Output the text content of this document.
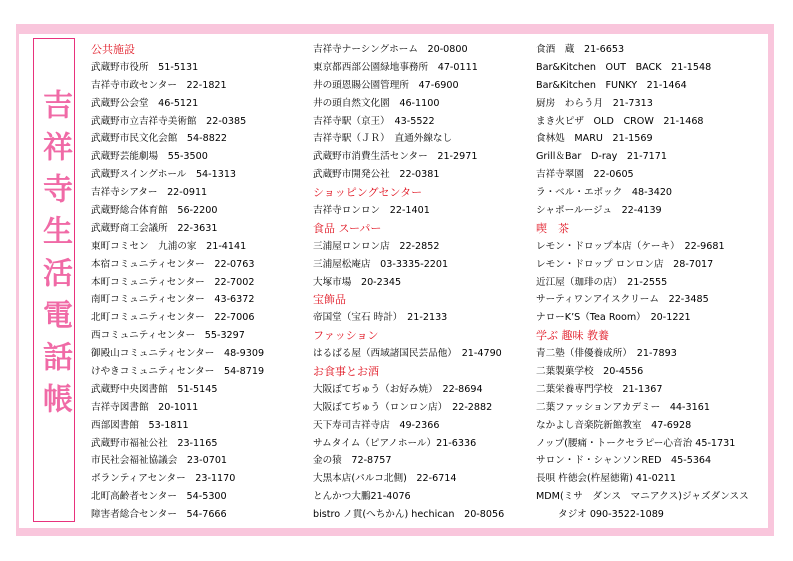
吉祥寺生活電話帳
公共施設
武蔵野市役所　51-5131
吉祥寺市政センター　22-1821
武蔵野公会堂　46-5121
武蔵野市立吉祥寺美術館　22-0385
武蔵野市民文化会館　54-8822
武蔵野芸能劇場　55-3500
武蔵野スイングホール　54-1313
吉祥寺シアター　22-0911
武蔵野総合体育館　56-2200
武蔵野商工会議所　22-3631
東町コミセン　九浦の家　21-4141
本宿コミュニティセンター　22-0763
本町コミュニティセンター　22-7002
南町コミュニティセンター　43-6372
北町コミュニティセンター　22-7006
西コミュニティセンター　55-3297
御殿山コミュニティセンター　48-9309
けやきコミュニティセンター　54-8719
武蔵野中央図書館　51-5145
吉祥寺図書館　20-1011
西部図書館　53-1811
武蔵野市福祉公社　23-1165
市民社会福祉協議会　23-0701
ボランティアセンター　23-1170
北町高齢者センター　54-5300
障害者総合センター　54-7666
吉祥寺ナーシングホーム　20-0800
東京都西部公園緑地事務所　47-0111
井の頭恩賜公園管理所　47-6900
井の頭自然文化園　46-1100
吉祥寺駅（京王）　43-5522
吉祥寺駅（ＪＲ）　直通外線なし
武蔵野市消費生活センター　21-2971
武蔵野市開発公社　22-0381
ショッピングセンター
吉祥寺ロンロン　22-1401
食品 スーパー
三浦屋ロンロン店　22-2852
三浦屋松庵店　03-3335-2201
大塚市場　20-2345
宝飾品
帝国堂（宝石 時計）　21-2133
ファッション
はるばる屋（西域諸国民芸品他）　21-4790
お食事とお酒
大阪ぼてぢゅう（お好み焼）　22-8694
大阪ぼてぢゅう（ロンロン店）　22-2882
天下寿司吉祥寺店　49-2366
サムタイム（ピアノホール）21-6336
金の猿　72-8757
大黒本店(パルコ北側)　22-6714
とんかつ大鵬21-4076
bistro ノ貫(へちかん) hechican　20-8056
食酒　蔵　21-6653
Bar&Kitchen　OUT　BACK　21-1548
Bar&Kitchen　FUNKY　21-1464
厨房　わらう月　21-7313
まき火ピザ　OLD　CROW　21-1468
食林処　MARU　21-1569
Grill＆Bar　D-ray　21-7171
吉祥寺翠園　22-0605
ラ・ベル・エポック　48-3420
シャポールージュ　22-4139
喫　茶
レモン・ドロップ本店（ケーキ）　22-9681
レモン・ドロップ ロンロン店　28-7017
近江屋（珈琲の店）　21-2555
サーティワンアイスクリーム　22-3485
ナローK’S（Tea Room）　20-1221
学ぶ 趣味 教養
青二塾（俳優養成所）　21-7893
二葉製菓学校　20-4556
二葉栄養専門学校　21-1367
二葉ファッションアカデミー　44-3161
なかよし音楽院新館教室　47-6928
ノップ(腰痛・トークセラピー心音治 45-1731
サロン・ド・シャンソンRED　45-5364
長唄 杵徳会(杵屋徳衛) 41-0211
MDM(ミサ　ダンス　マニアクス)ジャズダンスス
タジオ 090-3522-1089
